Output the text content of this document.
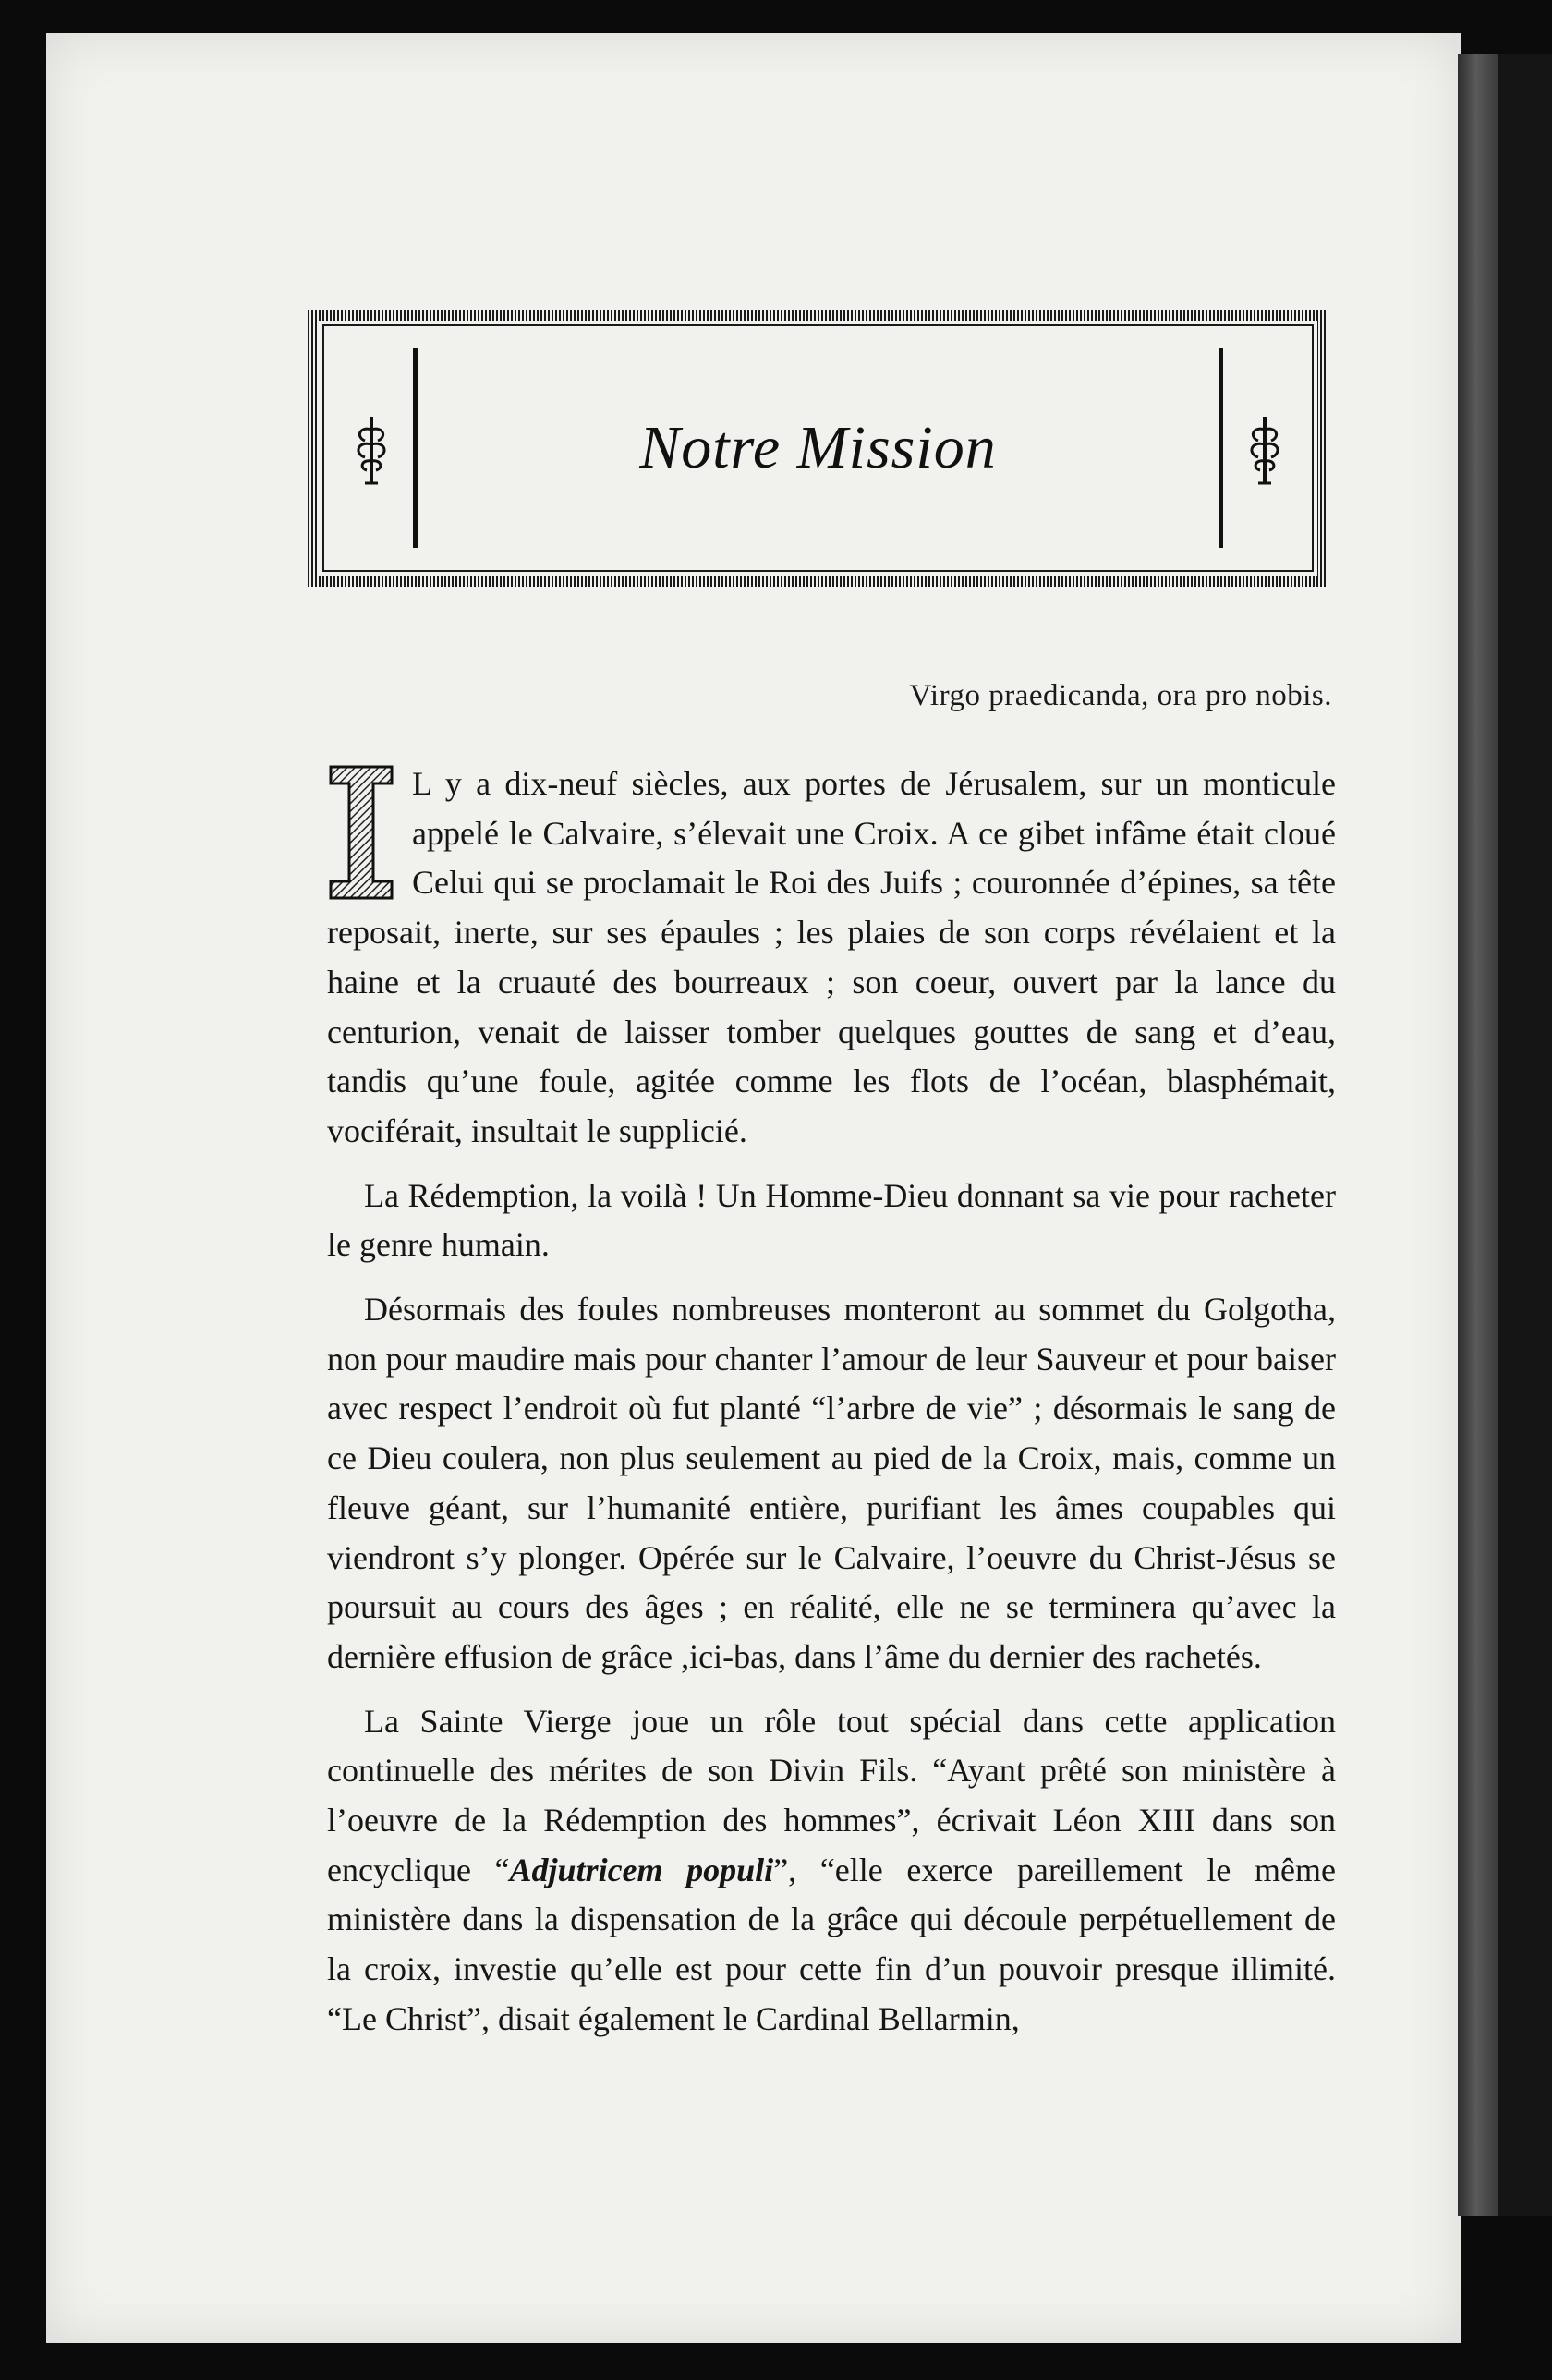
Notre Mission
Virgo praedicanda, ora pro nobis.

L y a dix-neuf siècles, aux portes de Jérusalem, sur un monticule appelé le Calvaire, s’élevait une Croix. A ce gibet infâme était cloué Celui qui se proclamait le Roi des Juifs ; couronnée d’épines, sa tête reposait, inerte, sur ses épaules ; les plaies de son corps révélaient et la haine et la cruauté des bourreaux ; son coeur, ouvert par la lance du centurion, venait de laisser tomber quelques gouttes de sang et d’eau, tandis qu’une foule, agitée comme les flots de l’océan, blasphémait, vociférait, insultait le supplicié.

La Rédemption, la voilà ! Un Homme-Dieu donnant sa vie pour racheter le genre humain.

Désormais des foules nombreuses monteront au sommet du Golgotha, non pour maudire mais pour chanter l’amour de leur Sauveur et pour baiser avec respect l’endroit où fut planté “l’arbre de vie” ; désormais le sang de ce Dieu coulera, non plus seulement au pied de la Croix, mais, comme un fleuve géant, sur l’humanité entière, purifiant les âmes coupables qui viendront s’y plonger. Opérée sur le Calvaire, l’oeuvre du Christ-Jésus se poursuit au cours des âges ; en réalité, elle ne se terminera qu’avec la dernière effusion de grâce ,ici-bas, dans l’âme du dernier des rachetés.

La Sainte Vierge joue un rôle tout spécial dans cette application continuelle des mérites de son Divin Fils. “Ayant prêté son ministère à l’oeuvre de la Rédemption des hommes”, écrivait Léon XIII dans son encyclique “Adjutricem populi”, “elle exerce pareillement le même ministère dans la dispensation de la grâce qui découle perpétuellement de la croix, investie qu’elle est pour cette fin d’un pouvoir presque illimité. “Le Christ”, disait également le Cardinal Bellarmin,
